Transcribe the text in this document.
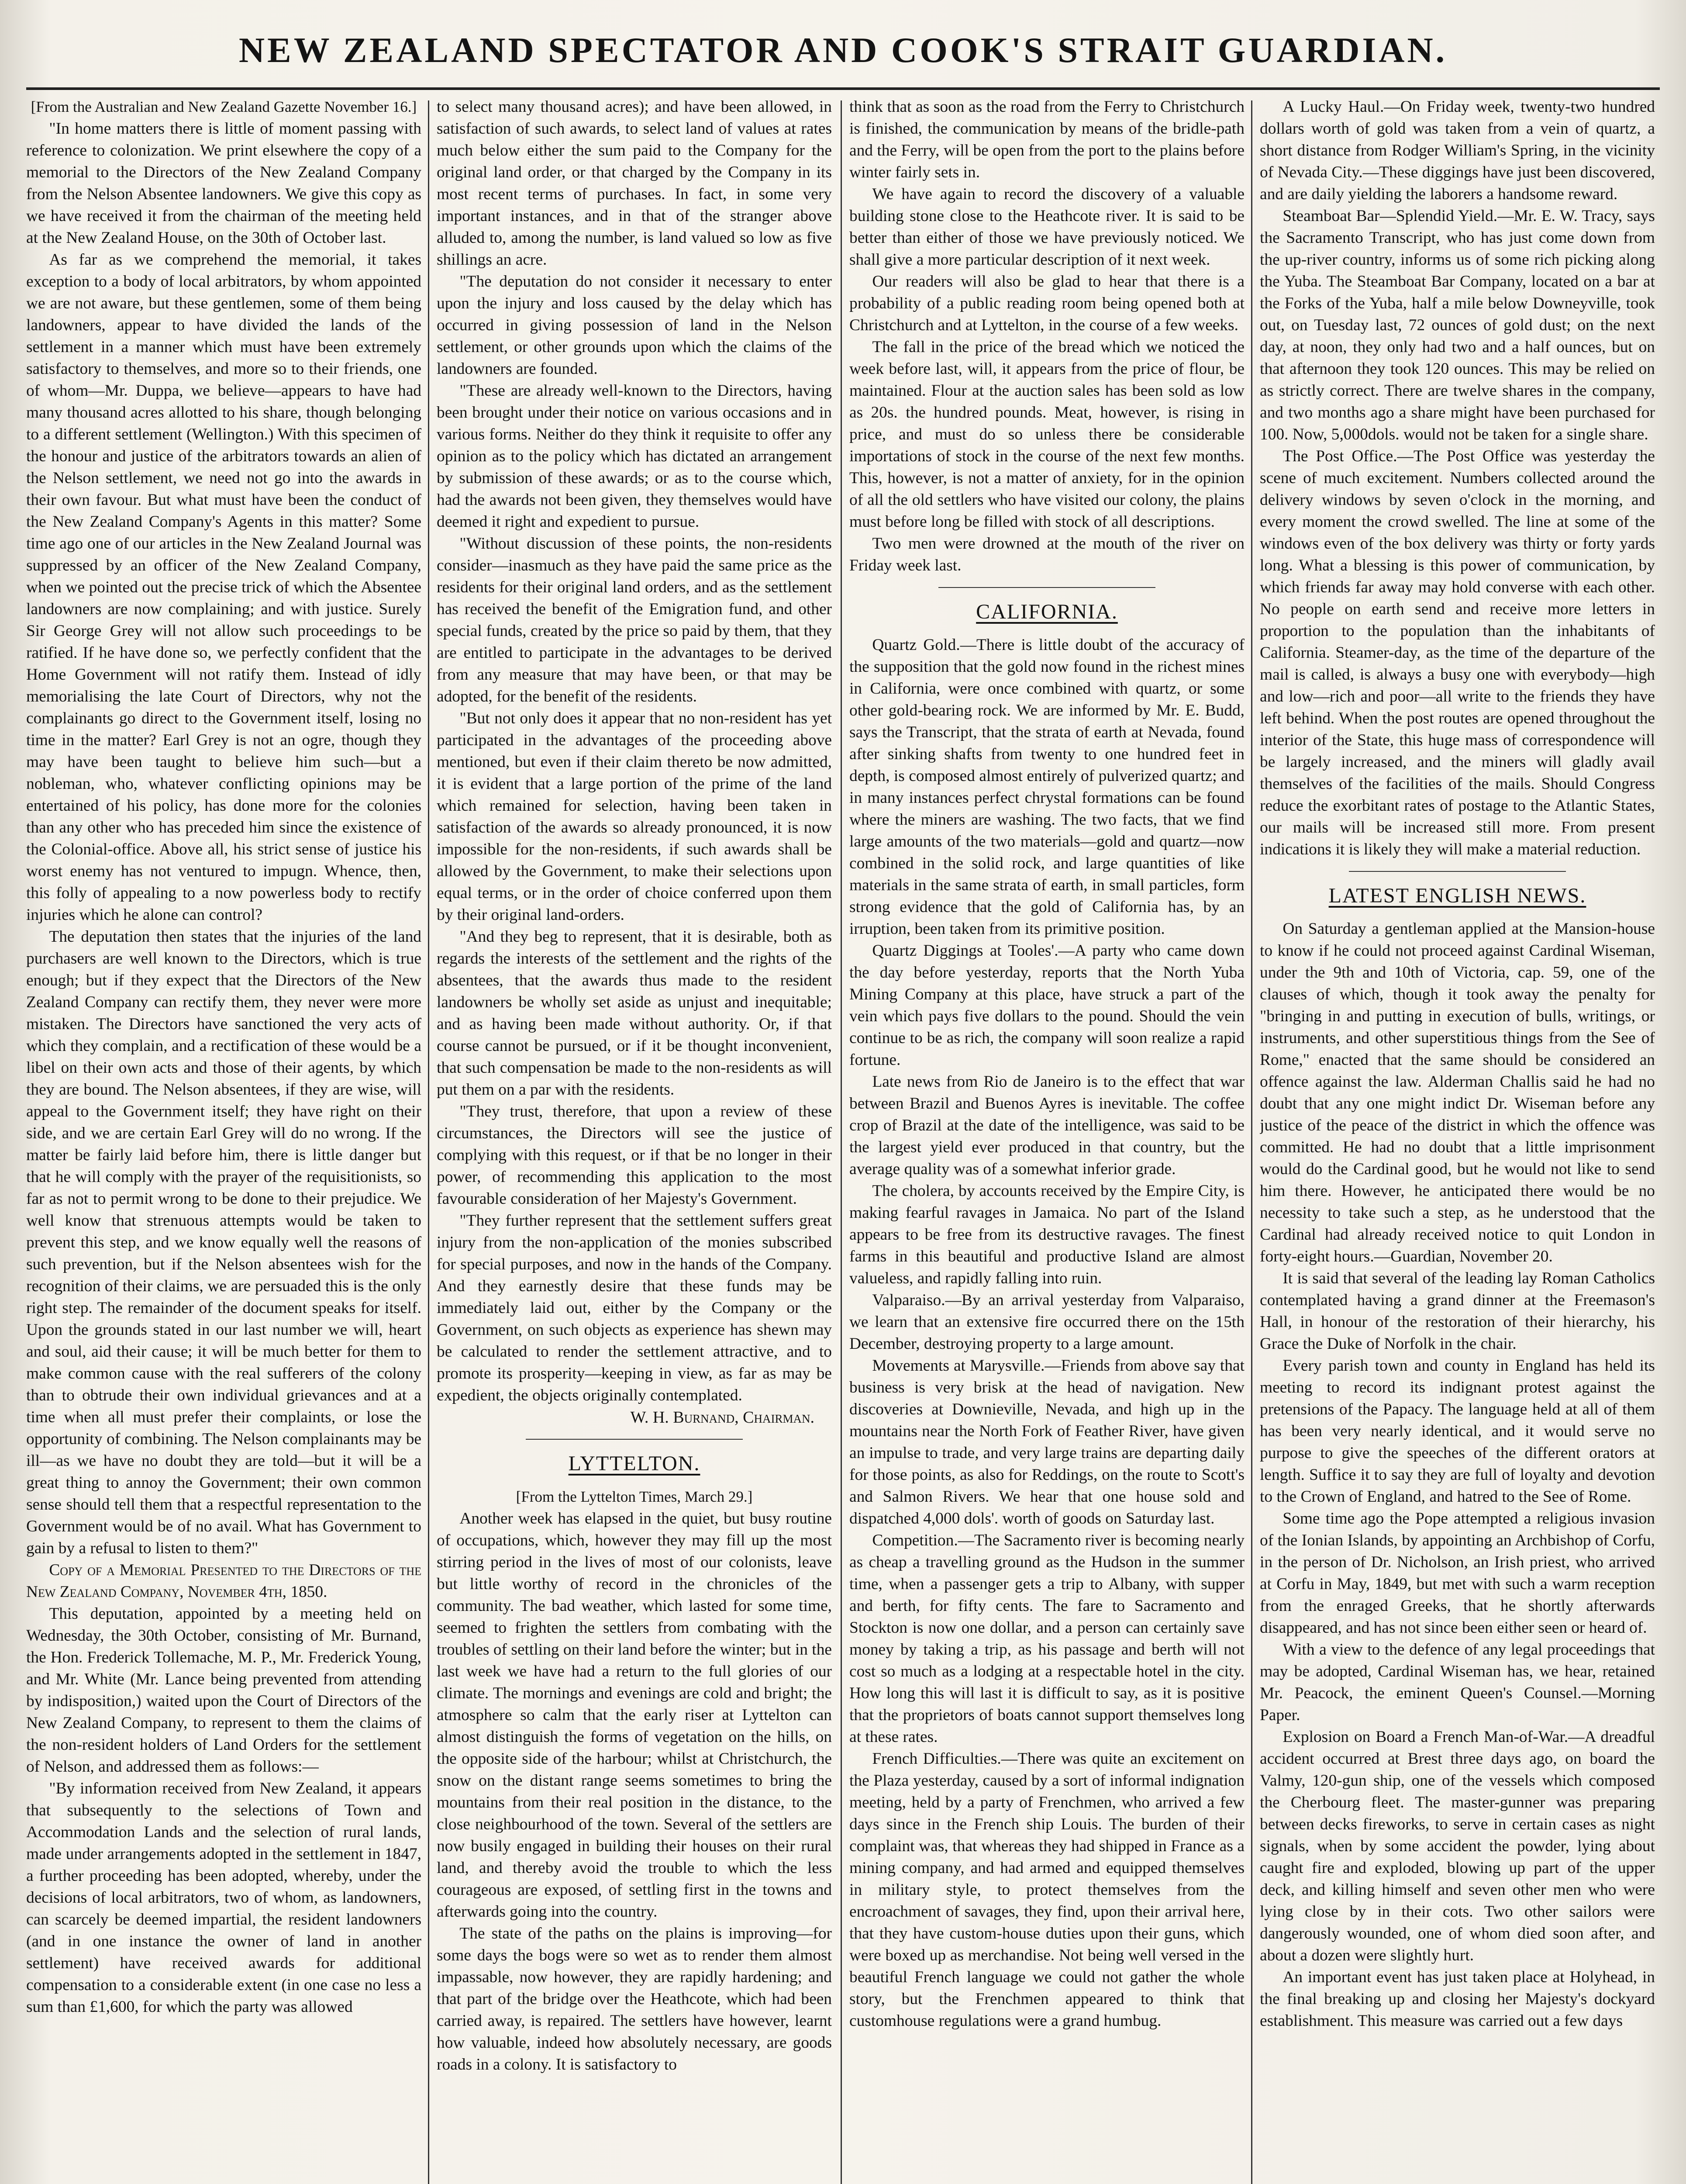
NEW ZEALAND SPECTATOR AND COOK'S STRAIT GUARDIAN.

[From the Australian and New Zealand Gazette November 16.]

"In home matters there is little of moment passing with reference to colonization. We print elsewhere the copy of a memorial to the Directors of the New Zealand Company from the Nelson Absentee landowners. We give this copy as we have received it from the chairman of the meeting held at the New Zealand House, on the 30th of October last.

As far as we comprehend the memorial, it takes exception to a body of local arbitrators, by whom appointed we are not aware, but these gentlemen, some of them being landowners, appear to have divided the lands of the settlement in a manner which must have been extremely satisfactory to themselves, and more so to their friends, one of whom—Mr. Duppa, we believe—appears to have had many thousand acres allotted to his share, though belonging to a different settlement (Wellington.) With this specimen of the honour and justice of the arbitrators towards an alien of the Nelson settlement, we need not go into the awards in their own favour. But what must have been the conduct of the New Zealand Company's Agents in this matter? Some time ago one of our articles in the New Zealand Journal was suppressed by an officer of the New Zealand Company, when we pointed out the precise trick of which the Absentee landowners are now complaining; and with justice. Surely Sir George Grey will not allow such proceedings to be ratified. If he have done so, we perfectly confident that the Home Government will not ratify them. Instead of idly memorialising the late Court of Directors, why not the complainants go direct to the Government itself, losing no time in the matter? Earl Grey is not an ogre, though they may have been taught to believe him such—but a nobleman, who, whatever conflicting opinions may be entertained of his policy, has done more for the colonies than any other who has preceded him since the existence of the Colonial-office. Above all, his strict sense of justice his worst enemy has not ventured to impugn. Whence, then, this folly of appealing to a now powerless body to rectify injuries which he alone can control?

The deputation then states that the injuries of the land purchasers are well known to the Directors, which is true enough; but if they expect that the Directors of the New Zealand Company can rectify them, they never were more mistaken. The Directors have sanctioned the very acts of which they complain, and a rectification of these would be a libel on their own acts and those of their agents, by which they are bound. The Nelson absentees, if they are wise, will appeal to the Government itself; they have right on their side, and we are certain Earl Grey will do no wrong. If the matter be fairly laid before him, there is little danger but that he will comply with the prayer of the requisitionists, so far as not to permit wrong to be done to their prejudice. We well know that strenuous attempts would be taken to prevent this step, and we know equally well the reasons of such prevention, but if the Nelson absentees wish for the recognition of their claims, we are persuaded this is the only right step. The remainder of the document speaks for itself. Upon the grounds stated in our last number we will, heart and soul, aid their cause; it will be much better for them to make common cause with the real sufferers of the colony than to obtrude their own individual grievances and at a time when all must prefer their complaints, or lose the opportunity of combining. The Nelson complainants may be ill—as we have no doubt they are told—but it will be a great thing to annoy the Government; their own common sense should tell them that a respectful representation to the Government would be of no avail. What has Government to gain by a refusal to listen to them?"

Copy of a Memorial Presented to the Directors of the New Zealand Company, November 4th, 1850.

This deputation, appointed by a meeting held on Wednesday, the 30th October, consisting of Mr. Burnand, the Hon. Frederick Tollemache, M. P., Mr. Frederick Young, and Mr. White (Mr. Lance being prevented from attending by indisposition,) waited upon the Court of Directors of the New Zealand Company, to represent to them the claims of the non-resident holders of Land Orders for the settlement of Nelson, and addressed them as follows:—

"By information received from New Zealand, it appears that subsequently to the selections of Town and Accommodation Lands and the selection of rural lands, made under arrangements adopted in the settlement in 1847, a further proceeding has been adopted, whereby, under the decisions of local arbitrators, two of whom, as landowners, can scarcely be deemed impartial, the resident landowners (and in one instance the owner of land in another settlement) have received awards for additional compensation to a considerable extent (in one case no less a sum than £1,600, for which the party was allowed

to select many thousand acres); and have been allowed, in satisfaction of such awards, to select land of values at rates much below either the sum paid to the Company for the original land order, or that charged by the Company in its most recent terms of purchases. In fact, in some very important instances, and in that of the stranger above alluded to, among the number, is land valued so low as five shillings an acre.

"The deputation do not consider it necessary to enter upon the injury and loss caused by the delay which has occurred in giving possession of land in the Nelson settlement, or other grounds upon which the claims of the landowners are founded.

"These are already well-known to the Directors, having been brought under their notice on various occasions and in various forms. Neither do they think it requisite to offer any opinion as to the policy which has dictated an arrangement by submission of these awards; or as to the course which, had the awards not been given, they themselves would have deemed it right and expedient to pursue.

"Without discussion of these points, the non-residents consider—inasmuch as they have paid the same price as the residents for their original land orders, and as the settlement has received the benefit of the Emigration fund, and other special funds, created by the price so paid by them, that they are entitled to participate in the advantages to be derived from any measure that may have been, or that may be adopted, for the benefit of the residents.

"But not only does it appear that no non-resident has yet participated in the advantages of the proceeding above mentioned, but even if their claim thereto be now admitted, it is evident that a large portion of the prime of the land which remained for selection, having been taken in satisfaction of the awards so already pronounced, it is now impossible for the non-residents, if such awards shall be allowed by the Government, to make their selections upon equal terms, or in the order of choice conferred upon them by their original land-orders.

"And they beg to represent, that it is desirable, both as regards the interests of the settlement and the rights of the absentees, that the awards thus made to the resident landowners be wholly set aside as unjust and inequitable; and as having been made without authority. Or, if that course cannot be pursued, or if it be thought inconvenient, that such compensation be made to the non-residents as will put them on a par with the residents.

"They trust, therefore, that upon a review of these circumstances, the Directors will see the justice of complying with this request, or if that be no longer in their power, of recommending this application to the most favourable consideration of her Majesty's Government.

"They further represent that the settlement suffers great injury from the non-application of the monies subscribed for special purposes, and now in the hands of the Company. And they earnestly desire that these funds may be immediately laid out, either by the Company or the Government, on such objects as experience has shewn may be calculated to render the settlement attractive, and to promote its prosperity—keeping in view, as far as may be expedient, the objects originally contemplated.

W. H. Burnand, Chairman.

LYTTELTON.

[From the Lyttelton Times, March 29.]

Another week has elapsed in the quiet, but busy routine of occupations, which, however they may fill up the most stirring period in the lives of most of our colonists, leave but little worthy of record in the chronicles of the community. The bad weather, which lasted for some time, seemed to frighten the settlers from combating with the troubles of settling on their land before the winter; but in the last week we have had a return to the full glories of our climate. The mornings and evenings are cold and bright; the atmosphere so calm that the early riser at Lyttelton can almost distinguish the forms of vegetation on the hills, on the opposite side of the harbour; whilst at Christchurch, the snow on the distant range seems sometimes to bring the mountains from their real position in the distance, to the close neighbourhood of the town. Several of the settlers are now busily engaged in building their houses on their rural land, and thereby avoid the trouble to which the less courageous are exposed, of settling first in the towns and afterwards going into the country.

The state of the paths on the plains is improving—for some days the bogs were so wet as to render them almost impassable, now however, they are rapidly hardening; and that part of the bridge over the Heathcote, which had been carried away, is repaired. The settlers have however, learnt how valuable, indeed how absolutely necessary, are goods roads in a colony. It is satisfactory to

think that as soon as the road from the Ferry to Christchurch is finished, the communication by means of the bridle-path and the Ferry, will be open from the port to the plains before winter fairly sets in.

We have again to record the discovery of a valuable building stone close to the Heathcote river. It is said to be better than either of those we have previously noticed. We shall give a more particular description of it next week.

Our readers will also be glad to hear that there is a probability of a public reading room being opened both at Christchurch and at Lyttelton, in the course of a few weeks.

The fall in the price of the bread which we noticed the week before last, will, it appears from the price of flour, be maintained. Flour at the auction sales has been sold as low as 20s. the hundred pounds. Meat, however, is rising in price, and must do so unless there be considerable importations of stock in the course of the next few months. This, however, is not a matter of anxiety, for in the opinion of all the old settlers who have visited our colony, the plains must before long be filled with stock of all descriptions.

Two men were drowned at the mouth of the river on Friday week last.

CALIFORNIA.

Quartz Gold.—There is little doubt of the accuracy of the supposition that the gold now found in the richest mines in California, were once combined with quartz, or some other gold-bearing rock. We are informed by Mr. E. Budd, says the Transcript, that the strata of earth at Nevada, found after sinking shafts from twenty to one hundred feet in depth, is composed almost entirely of pulverized quartz; and in many instances perfect chrystal formations can be found where the miners are washing. The two facts, that we find large amounts of the two materials—gold and quartz—now combined in the solid rock, and large quantities of like materials in the same strata of earth, in small particles, form strong evidence that the gold of California has, by an irruption, been taken from its primitive position.

Quartz Diggings at Tooles'.—A party who came down the day before yesterday, reports that the North Yuba Mining Company at this place, have struck a part of the vein which pays five dollars to the pound. Should the vein continue to be as rich, the company will soon realize a rapid fortune.

Late news from Rio de Janeiro is to the effect that war between Brazil and Buenos Ayres is inevitable. The coffee crop of Brazil at the date of the intelligence, was said to be the largest yield ever produced in that country, but the average quality was of a somewhat inferior grade.

The cholera, by accounts received by the Empire City, is making fearful ravages in Jamaica. No part of the Island appears to be free from its destructive ravages. The finest farms in this beautiful and productive Island are almost valueless, and rapidly falling into ruin.

Valparaiso.—By an arrival yesterday from Valparaiso, we learn that an extensive fire occurred there on the 15th December, destroying property to a large amount.

Movements at Marysville.—Friends from above say that business is very brisk at the head of navigation. New discoveries at Downieville, Nevada, and high up in the mountains near the North Fork of Feather River, have given an impulse to trade, and very large trains are departing daily for those points, as also for Reddings, on the route to Scott's and Salmon Rivers. We hear that one house sold and dispatched 4,000 dols'. worth of goods on Saturday last.

Competition.—The Sacramento river is becoming nearly as cheap a travelling ground as the Hudson in the summer time, when a passenger gets a trip to Albany, with supper and berth, for fifty cents. The fare to Sacramento and Stockton is now one dollar, and a person can certainly save money by taking a trip, as his passage and berth will not cost so much as a lodging at a respectable hotel in the city. How long this will last it is difficult to say, as it is positive that the proprietors of boats cannot support themselves long at these rates.

French Difficulties.—There was quite an excitement on the Plaza yesterday, caused by a sort of informal indignation meeting, held by a party of Frenchmen, who arrived a few days since in the French ship Louis. The burden of their complaint was, that whereas they had shipped in France as a mining company, and had armed and equipped themselves in military style, to protect themselves from the encroachment of savages, they find, upon their arrival here, that they have custom-house duties upon their guns, which were boxed up as merchandise. Not being well versed in the beautiful French language we could not gather the whole story, but the Frenchmen appeared to think that customhouse regulations were a grand humbug.

A Lucky Haul.—On Friday week, twenty-two hundred dollars worth of gold was taken from a vein of quartz, a short distance from Rodger William's Spring, in the vicinity of Nevada City.—These diggings have just been discovered, and are daily yielding the laborers a handsome reward.

Steamboat Bar—Splendid Yield.—Mr. E. W. Tracy, says the Sacramento Transcript, who has just come down from the up-river country, informs us of some rich picking along the Yuba. The Steamboat Bar Company, located on a bar at the Forks of the Yuba, half a mile below Downeyville, took out, on Tuesday last, 72 ounces of gold dust; on the next day, at noon, they only had two and a half ounces, but on that afternoon they took 120 ounces. This may be relied on as strictly correct. There are twelve shares in the company, and two months ago a share might have been purchased for 100. Now, 5,000dols. would not be taken for a single share.

The Post Office.—The Post Office was yesterday the scene of much excitement. Numbers collected around the delivery windows by seven o'clock in the morning, and every moment the crowd swelled. The line at some of the windows even of the box delivery was thirty or forty yards long. What a blessing is this power of communication, by which friends far away may hold converse with each other. No people on earth send and receive more letters in proportion to the population than the inhabitants of California. Steamer-day, as the time of the departure of the mail is called, is always a busy one with everybody—high and low—rich and poor—all write to the friends they have left behind. When the post routes are opened throughout the interior of the State, this huge mass of correspondence will be largely increased, and the miners will gladly avail themselves of the facilities of the mails. Should Congress reduce the exorbitant rates of postage to the Atlantic States, our mails will be increased still more. From present indications it is likely they will make a material reduction.

LATEST ENGLISH NEWS.

On Saturday a gentleman applied at the Mansion-house to know if he could not proceed against Cardinal Wiseman, under the 9th and 10th of Victoria, cap. 59, one of the clauses of which, though it took away the penalty for "bringing in and putting in execution of bulls, writings, or instruments, and other superstitious things from the See of Rome," enacted that the same should be considered an offence against the law. Alderman Challis said he had no doubt that any one might indict Dr. Wiseman before any justice of the peace of the district in which the offence was committed. He had no doubt that a little imprisonment would do the Cardinal good, but he would not like to send him there. However, he anticipated there would be no necessity to take such a step, as he understood that the Cardinal had already received notice to quit London in forty-eight hours.—Guardian, November 20.

It is said that several of the leading lay Roman Catholics contemplated having a grand dinner at the Freemason's Hall, in honour of the restoration of their hierarchy, his Grace the Duke of Norfolk in the chair.

Every parish town and county in England has held its meeting to record its indignant protest against the pretensions of the Papacy. The language held at all of them has been very nearly identical, and it would serve no purpose to give the speeches of the different orators at length. Suffice it to say they are full of loyalty and devotion to the Crown of England, and hatred to the See of Rome.

Some time ago the Pope attempted a religious invasion of the Ionian Islands, by appointing an Archbishop of Corfu, in the person of Dr. Nicholson, an Irish priest, who arrived at Corfu in May, 1849, but met with such a warm reception from the enraged Greeks, that he shortly afterwards disappeared, and has not since been either seen or heard of.

With a view to the defence of any legal proceedings that may be adopted, Cardinal Wiseman has, we hear, retained Mr. Peacock, the eminent Queen's Counsel.—Morning Paper.

Explosion on Board a French Man-of-War.—A dreadful accident occurred at Brest three days ago, on board the Valmy, 120-gun ship, one of the vessels which composed the Cherbourg fleet. The master-gunner was preparing between decks fireworks, to serve in certain cases as night signals, when by some accident the powder, lying about caught fire and exploded, blowing up part of the upper deck, and killing himself and seven other men who were lying close by in their cots. Two other sailors were dangerously wounded, one of whom died soon after, and about a dozen were slightly hurt.

An important event has just taken place at Holyhead, in the final breaking up and closing her Majesty's dockyard establishment. This measure was carried out a few days
